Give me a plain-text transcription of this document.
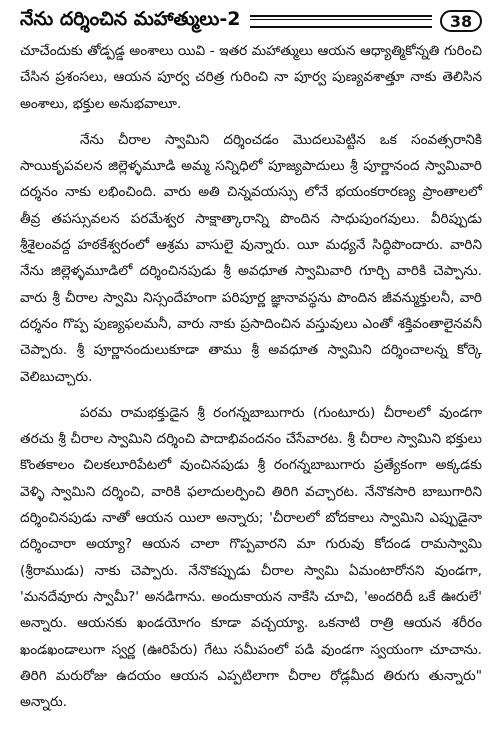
నేను దర్శించిన మహాత్ములు-2	38

చూచేందుకు తోడ్పడ్డ అంశాలు యివి - ఇతర మహాత్ములు ఆయన ఆధ్యాత్మికోన్నతి గురించి చేసిన ప్రశంసలు, ఆయన పూర్వ చరిత్ర గురించి నా పూర్వ పుణ్యవశాత్తూ నాకు తెలిసిన అంశాలు, భక్తుల అనుభవాలూ.

నేను చీరాల స్వామిని దర్శించడం మొదలుపెట్టిన ఒక సంవత్సరానికి సాయికృపవలన జిల్లెళ్ళమూడి అమ్మ సన్నిధిలో పూజ్యపాదులు శ్రీ పూర్ణానంద స్వామివారి దర్శనం నాకు లభించింది. వారు అతి చిన్నవయస్సు లోనే భయంకరారణ్య ప్రాంతాలలో తీవ్ర తపస్సువలన పరమేశ్వర సాక్షాత్కారాన్ని పొందిన సాధుపుంగవులు. వీరిప్పుడు శ్రీశైలంవద్ద హఠకేశ్వరంలో ఆశ్రమ వాసులై వున్నారు. యీ మధ్యనే సిద్ధిపొందారు. వారిని నేను జిల్లెళ్ళమూడిలో దర్శించినపుడు శ్రీ అవధూత స్వామివారి గూర్చి వారికి చెప్పాను. వారు శ్రీ చీరాల స్వామి నిస్సందేహంగా పరిపూర్ణ జ్ఞానావస్థను పొందిన జీవన్ముక్తులనీ, వారి దర్శనం గొప్ప పుణ్యఫలమనీ, వారు నాకు ప్రసాదించిన వస్తువులు ఎంతో శక్తివంతాలైనవనీ చెప్పారు. శ్రీ పూర్ణానందులుకూడా తాము శ్రీ అవధూత స్వామిని దర్శించాలన్న కోర్కె వెలిబుచ్చారు.

పరమ రామభక్తుడైన శ్రీ రంగన్నబాబుగారు (గుంటూరు) చీరాలలో వుండగా తరచు శ్రీ చీరాల స్వామిని దర్శించి పాదాభివందనం చేసేవారట. శ్రీ చీరాల స్వామిని భక్తులు కొంతకాలం చిలకలూరిపేటలో వుంచినపుడు శ్రీ రంగన్నబాబుగారు ప్రత్యేకంగా అక్కడకు వెళ్ళి స్వామిని దర్శించి, వారికి ఫలాదులర్పించి తిరిగి వచ్చారట. నేనొకసారి బాబుగారిని దర్శించినపుడు నాతో ఆయన యిలా అన్నారు; 'చీరాలలో బోదకాలు స్వామిని ఎప్పుడైనా దర్శించారా అయ్యా? ఆయన చాలా గొప్పవారని మా గురువు కోదండ రామస్వామి (శ్రీరాముడు) నాకు చెప్పారు. నేనొకప్పుడు చీరాల స్వామి ఏమంటారోనని వుండగా, 'మనదేవూరు స్వామీ?' అనడిగాను. అందుకాయన నాకేసి చూచి, 'అందరిదీ ఒకే ఊరులే' అన్నారు. ఆయనకు ఖండయోగం కూడా వచ్చయ్యా. ఒకనాటి రాత్రి ఆయన శరీరం ఖండఖండాలుగా స్వర్ణ (ఊరిపేరు) గేటు సమీపంలో పడి వుండగా స్వయంగా చూచాను. తిరిగి మరురోజు ఉదయం ఆయన ఎప్పటిలాగా చీరాల రోడ్లమీద తిరుగు తున్నారు" అన్నారు.
